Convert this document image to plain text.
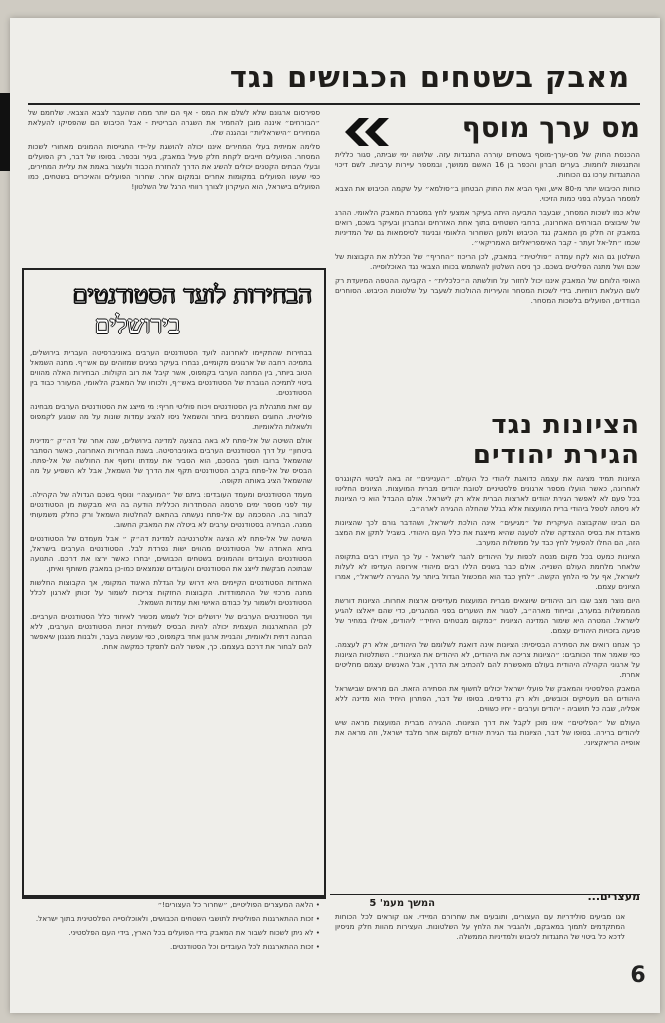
מאבק בשטחים הכבושים נגד
מס ערך מוסף

ההכנסת החוק של מס-ערך-מוסף בשטחים עוררה התנגדות עזה. שלושה ימי שביתה, סגור כללית והתנגשות לוחמות. בערים חברון והכפר בן 16 האשם ממושך, ובמספר עיירות ערביות. לשם דיכוי ההתנגדות ערכו גם הכוחות.

כוחות הכיבוש יותר מ-80 איש, ואף הביא את החוק הבטחון ב״סולמא״ על שקמה הכיבוש את הצבא למסמר הבעלה בפני כמות הזיכוי.

שלא כמו לשכות המסחר, שבעבר התביעה היתה בעיקר אמצעי לחץ במסגרת המאבק הלאומי. ההרג של שיבוצים הבורחים האחרונה, ברחבי השטחים בתוך אחת האזרחים ובחברון ובעיקר בשכם, רואים במאבק זה חלק מן המאבק נגד הכיבוש ולמען השחרור הלאומי ובניגוד לסיסמאות גם של המדיניות שכמו ״תל-אל זעתר - קבר האימפריאליזם האמריקאי״.

השלטון גם הוא לקח עמדה ״פוליטית״ במאבק, לכן הריכוז ״החריף״ של הכללת את הקבוצות של שכם ושל מתנה הפליטים בשכם. כך ניסה השלטון להשתמש בכוחו הצבאי נגד האוכלוסייה.

האופי הלוחם של המאבק איננו יכול לחזור על חולשתה ה״כלכלית״ - הקביעה ההטפה המיועדת רק לשם העלאת רווחיות. בידי לשכות המסחר והעיריות ההולכות לשעבר על שלטונות הכיבוש. הסוחרים הבודדים, הפועלים בלשכות המסחר.

ספירסום ארגונם שלא לשלם את המס - אף הם יותר ממה שהעבר לצבא הצבאי. שלחמם של ״הבורחים״ איננה מובן להחמיר את השגרה הבריטית - אבל הכיבוש הם שהפסיקו להעלאת המחירים ״הישראליות״ ובהגנה שלו.

סלימה אמיתית בעלי המחירים איננו יכולה להושגת על-ידי התגייסות ההמונים מאחורי לשכות המסחר. הפועלים חייבים לקחת חלק פעיל במאבק, בעיר ובכפר. בסופו של דבר, רק הפועלים ובעלי הבתים הקטנים יכולים להשיג את הדרך להחזרת הכבוד ולעצור באמת את עליית המחירים, כפי שעשו הפועלים במקומות אחרים ובמקום אחר. שחרור הפועלים והאיכרים בשטחים, כמו הפועלים בישראל, הוא העיקרון לצורך רווחי הרגל של השלטון!

הבחירות לועד הסטודנטים
בירושלים

בבחירות שהתקיימו לאחרונה לועד הסטודנטים הערבים באוניברסיטה העברית בירושלים, בתמיכה רחבה של ארגונים מקומיים, נבחרו בעיקר נציגים שמזוהים עם אש״ף. מחנה השמאל הטוב ביותר, בין המחנה הערבי בקמפוס, אשר קיבל את רוב הקולות. הבחירות האלה מהווים ביטוי לתמיכה הגוברת של הסטודנטים באש״ף, ולכוחו של המאבק הלאומי, המעורר כבוד בין הסטודנטים.

עם זאת מתנהלת בין הסטודנטים ויכוח פוליטי חריף: מי מייצג את הסטודנטים הערבים מבחינה פוליטית. החוגים השמרנים ביותר והשמאל ניסו להציג עמדות שונות על מה שנוגע לקמפוס ולשאלות הלאומיות.

אולם השיטה של אל-פתח לא באה בהצעה למדינה בירושלים, שנה אחר של דה״ק ״מדינית ביטחון״ על דרך הסטודנטים הערבים באוניברסיטה. בשנת הבחירות האחרונה, כאשר הסתבר שהשמאל ברובו תומך בהסכם, הוא הסביר את עמדתו וחשף את החולשה של אל-פתח. הבסיס של אל-פתח בקרב הסטודנטים תקף את הדרך של השמאל, אבל לא השפיע על מה שהשמאל הציג באותה תקופה.

מעמד הסטודנטים ומעמד העובדים: ביתם של ״המועצה״ ונוסף בשכם הגדולה של הקהילה. עוד לפני מספר ימים פרסמה ההסתדרות הכללית הודעה בה היא מבקשת מן הסטודנטים לבחור בה. ההסכמה עם אל-פתח נעשתה בהתאם להחלטות השמאל ורק כחלק משמעותי ממנה. הבחירה בסטודנטים ערבים לא ביטלה את המאבק החשוב.

השיטה של אל-פתח לא הציגה אלטרנטיבה למדינת דה״ק ״ אבל מעמדם של הסטודנטים ביתא האחדה של הסטודנטים מהווים ישות נפרדת לבל. הסטודנטים הערבים בישראל, הסטודנטים העובדים וההמונים בשטחים הכבושים, יבחרו כאשר ירצו את דרכם. התנועה שבתוכה מבקשת לייצג את הסטודנטים והעובדים שנמצאים כמו-כן במאבק משותף ואיתן.

האחדות הסטודנטים הקיימים היא דרוש על הגדלת האיגוד המקומי, אך הקבוצות החלשות מחנה מרכזי של ההתמודדות. הקבוצות החזקות צריכות לשמור על זכותן לארגון לכלל הסטודנטים ולשמור על כבודם האישי ואת עמדות השמאל.

ועד הסטודנטים הערבים של ירושלים יכול לשמש מכשיר לאיחוד כלל הסטודנטים הערביים. לכן ההתארגנות העצמית יכולה להיות הבסיס לשמירת זכויות הסטודנטים הערבים, ללא הבחנה דתית ולאומית, והבניית ארגון אחד בקמפוס, כפי שנעשה בעבר, ולבנות מנגנון שיאפשר להם לבחור את דרכם בעצמם. כך, אפשר להם לתפקד כמקשה אחת.

הציונות נגד
הגירת יהודים

הציונות תמיד מציגה את עצמה כדואגת ליהודי כל העולם. ״העניינים״ זה באה לביטוי הקונגרס לאחרונה, כאשר הועלו מספר ארגונים פלסטיניים לטובת יהודים מברית המועצות. הציונים החליטו בכל פעם לא לאפשר הגירת יהודים לארצות הברית אלא רק לישראל. אולם ההבדל הוא כי הציונות לא ניסתה לטפל ביהודי ברית המועצות אלא בגלל שהחלה ההגירה לארה״ב.

הם הבינו שהקבוצה העיקרית של ״מגיעים״ אינה הולכת לישראל, ושהדבר גורם לכך שהציונות מאבדת את בסיס ההצדקה שלה לטענה שהיא מייצגת את כלל העם היהודי. בשביל לתקן את המצב הזה, הם החלו להפעיל לחץ כבד על ממשלות המערב.

הציונות כמעט בכל מקום מנסה לכפות על היהודים להגר לישראל - על כך העידו רבים בתקופה שלאחר מלחמת העולם השנייה. אולם כבר בשנים הללו רבים מיהודי אירופה העדיפו לא לעלות לישראל, אף על פי הלחץ הקשה. ״לחץ כבד הוא המכשול הגדול ביותר על ההגירה לישראל״, אמרו הציונים עצמם.

היום נוצר מצב שבו רוב היהודים שיוצאים מברית המועצות מעדיפים ארצות אחרות. הציונות דורשת מהממשלות במערב, ובייחוד מארה״ב, לסגור את השערים בפני המהגרים, כדי שהם ייאלצו להגיע לישראל. המטרה היא שימור המדינה הציונית ״כמקום מבטחים היחיד״ ליהודים, אפילו במחיר של פגיעה בזכויות היהודים עצמם.

כך אנחנו רואים את הסתירה הבסיסית: הציונות אינה דואגת לשלומם של היהודים, אלא רק לעצמה. כפי שאמר אחד הכותבים: ״הציונות צריכה את היהודים, לא היהודים את הציונות״. השתלטות הציונות על ארגוני הקהילה היהודית בעולם מאפשרת להם להכתיב את הדרך, אבל האנשים עצמם מחליטים אחרת.

המאבק הפלסטיני והמאבק של פועלי ישראל יכולים לחשוף את הסתירה הזאת. הם מראים שבישראל היהודים הם מעסיקים וכובשים, ולא רק נרדפים. בסופו של דבר, הפתרון היחיד הוא מדינה ללא אפליה, שבה כל תושביה - יהודים וערבים - יחיו כשווים.

העולם של ״הפליטים״ אינו מוכן לקבל את דרך הציונות. ההגירה מברית המועצות מראה שיש ליהודים ברירה. בסופו של דבר, הציונות נגד הגירת יהודים למקום אחר מלבד ישראל, וזה מראה את אופייה הריאקציוני.

המשך מעמ' 5
מעצרים...

אנו מביעים סולידריות עם העצורים, ותובעים את שחרורם המיידי. אנו קוראים לכל הכוחות המתקדמים לתמוך במאבקם, ולהגביר את הלחץ על השלטונות. העצירות מהוות חלק מניסיון לדכא כל ביטוי של התנגדות לכיבוש ולמדיניות הממשלה.

• הלאה המעצרים הפוליטיים, ״שחרור כל העצורים!״

• זכות ההתארגנות הפוליטית לתושבי השטחים הכבושים, ולאוכלוסייה הפלסטינית בתוך ישראל.

• לא ניתן לשכוח לשבור את המאבק בידי הפועלים בכל הארץ, בידי העם הפלסטיני.

• זכות ההתארגנות לכל העובדים וכל הסטודנטים.

6
